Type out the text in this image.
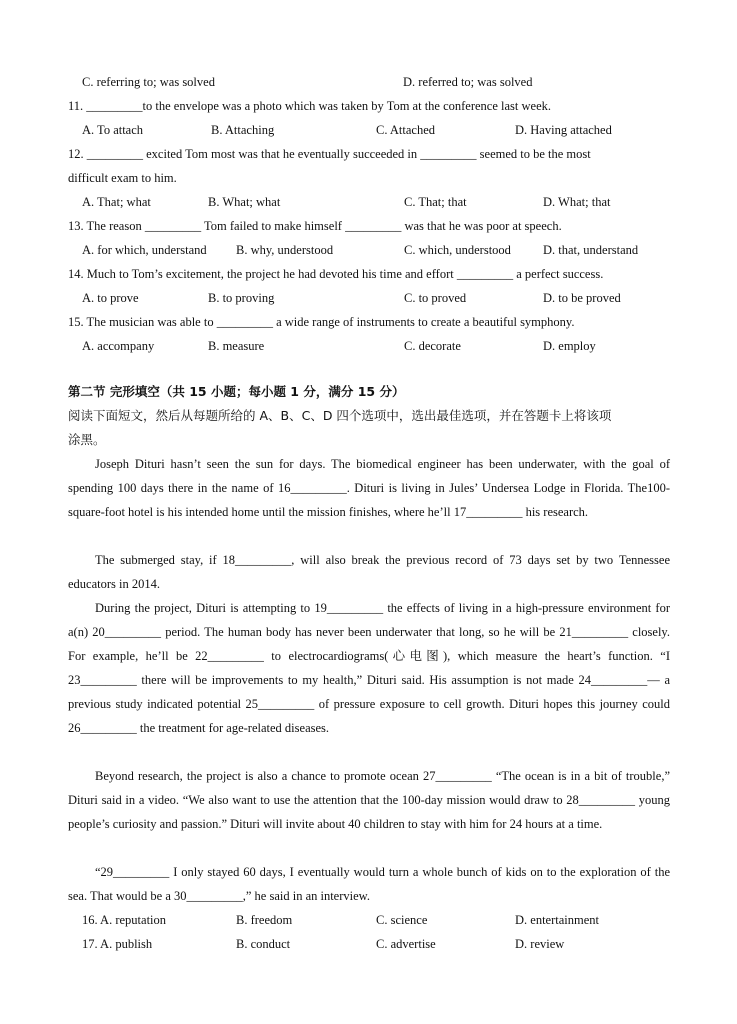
C. referring to; was solved	D. referred to; was solved
11. _________to the envelope was a photo which was taken by Tom at the conference last week.
A. To attach	B. Attaching	C. Attached	D. Having attached
12. _________ excited Tom most was that he eventually succeeded in _________ seemed to be the most
difficult exam to him.
A. That; what	B. What; what	C. That; that	D. What; that
13. The reason _________ Tom failed to make himself _________ was that he was poor at speech.
A. for which, understand B. why, understood	C. which, understood	D. that, understand
14. Much to Tom’s excitement, the project he had devoted his time and effort _________ a perfect success.
A. to prove	B. to proving	C. to proved	D. to be proved
15. The musician was able to _________ a wide range of instruments to create a beautiful symphony.
A. accompany	B. measure	C. decorate	D. employ
第二节 完形填空（共 15 小题；每小题 1 分，满分 15 分）
阅读下面短文，然后从每题所给的 A、B、C、D 四个选项中，选出最佳选项，并在答题卡上将该项
涂黑。
Joseph Dituri hasn’t seen the sun for days. The biomedical engineer has been underwater, with the goal of spending 100 days there in the name of 16_________. Dituri is living in Jules’ Undersea Lodge in Florida. The100-square-foot hotel is his intended home until the mission finishes, where he’ll 17_________ his research.
The submerged stay, if 18_________, will also break the previous record of 73 days set by two Tennessee educators in 2014.
During the project, Dituri is attempting to 19_________ the effects of living in a high-pressure environment for a(n) 20_________ period. The human body has never been underwater that long, so he will be 21_________ closely. For example, he’ll be 22_________ to electrocardiograms(心电图), which measure the heart’s function. “I 23_________ there will be improvements to my health,” Dituri said. His assumption is not made 24_________— a previous study indicated potential 25_________ of pressure exposure to cell growth. Dituri hopes this journey could 26_________ the treatment for age-related diseases.
Beyond research, the project is also a chance to promote ocean 27_________ “The ocean is in a bit of trouble,” Dituri said in a video. “We also want to use the attention that the 100-day mission would draw to 28_________ young people’s curiosity and passion.” Dituri will invite about 40 children to stay with him for 24 hours at a time.
“29_________ I only stayed 60 days, I eventually would turn a whole bunch of kids on to the exploration of the sea. That would be a 30_________,” he said in an interview.
16. A. reputation	B. freedom	C. science	D. entertainment
17. A. publish	B. conduct	C. advertise	D. review
